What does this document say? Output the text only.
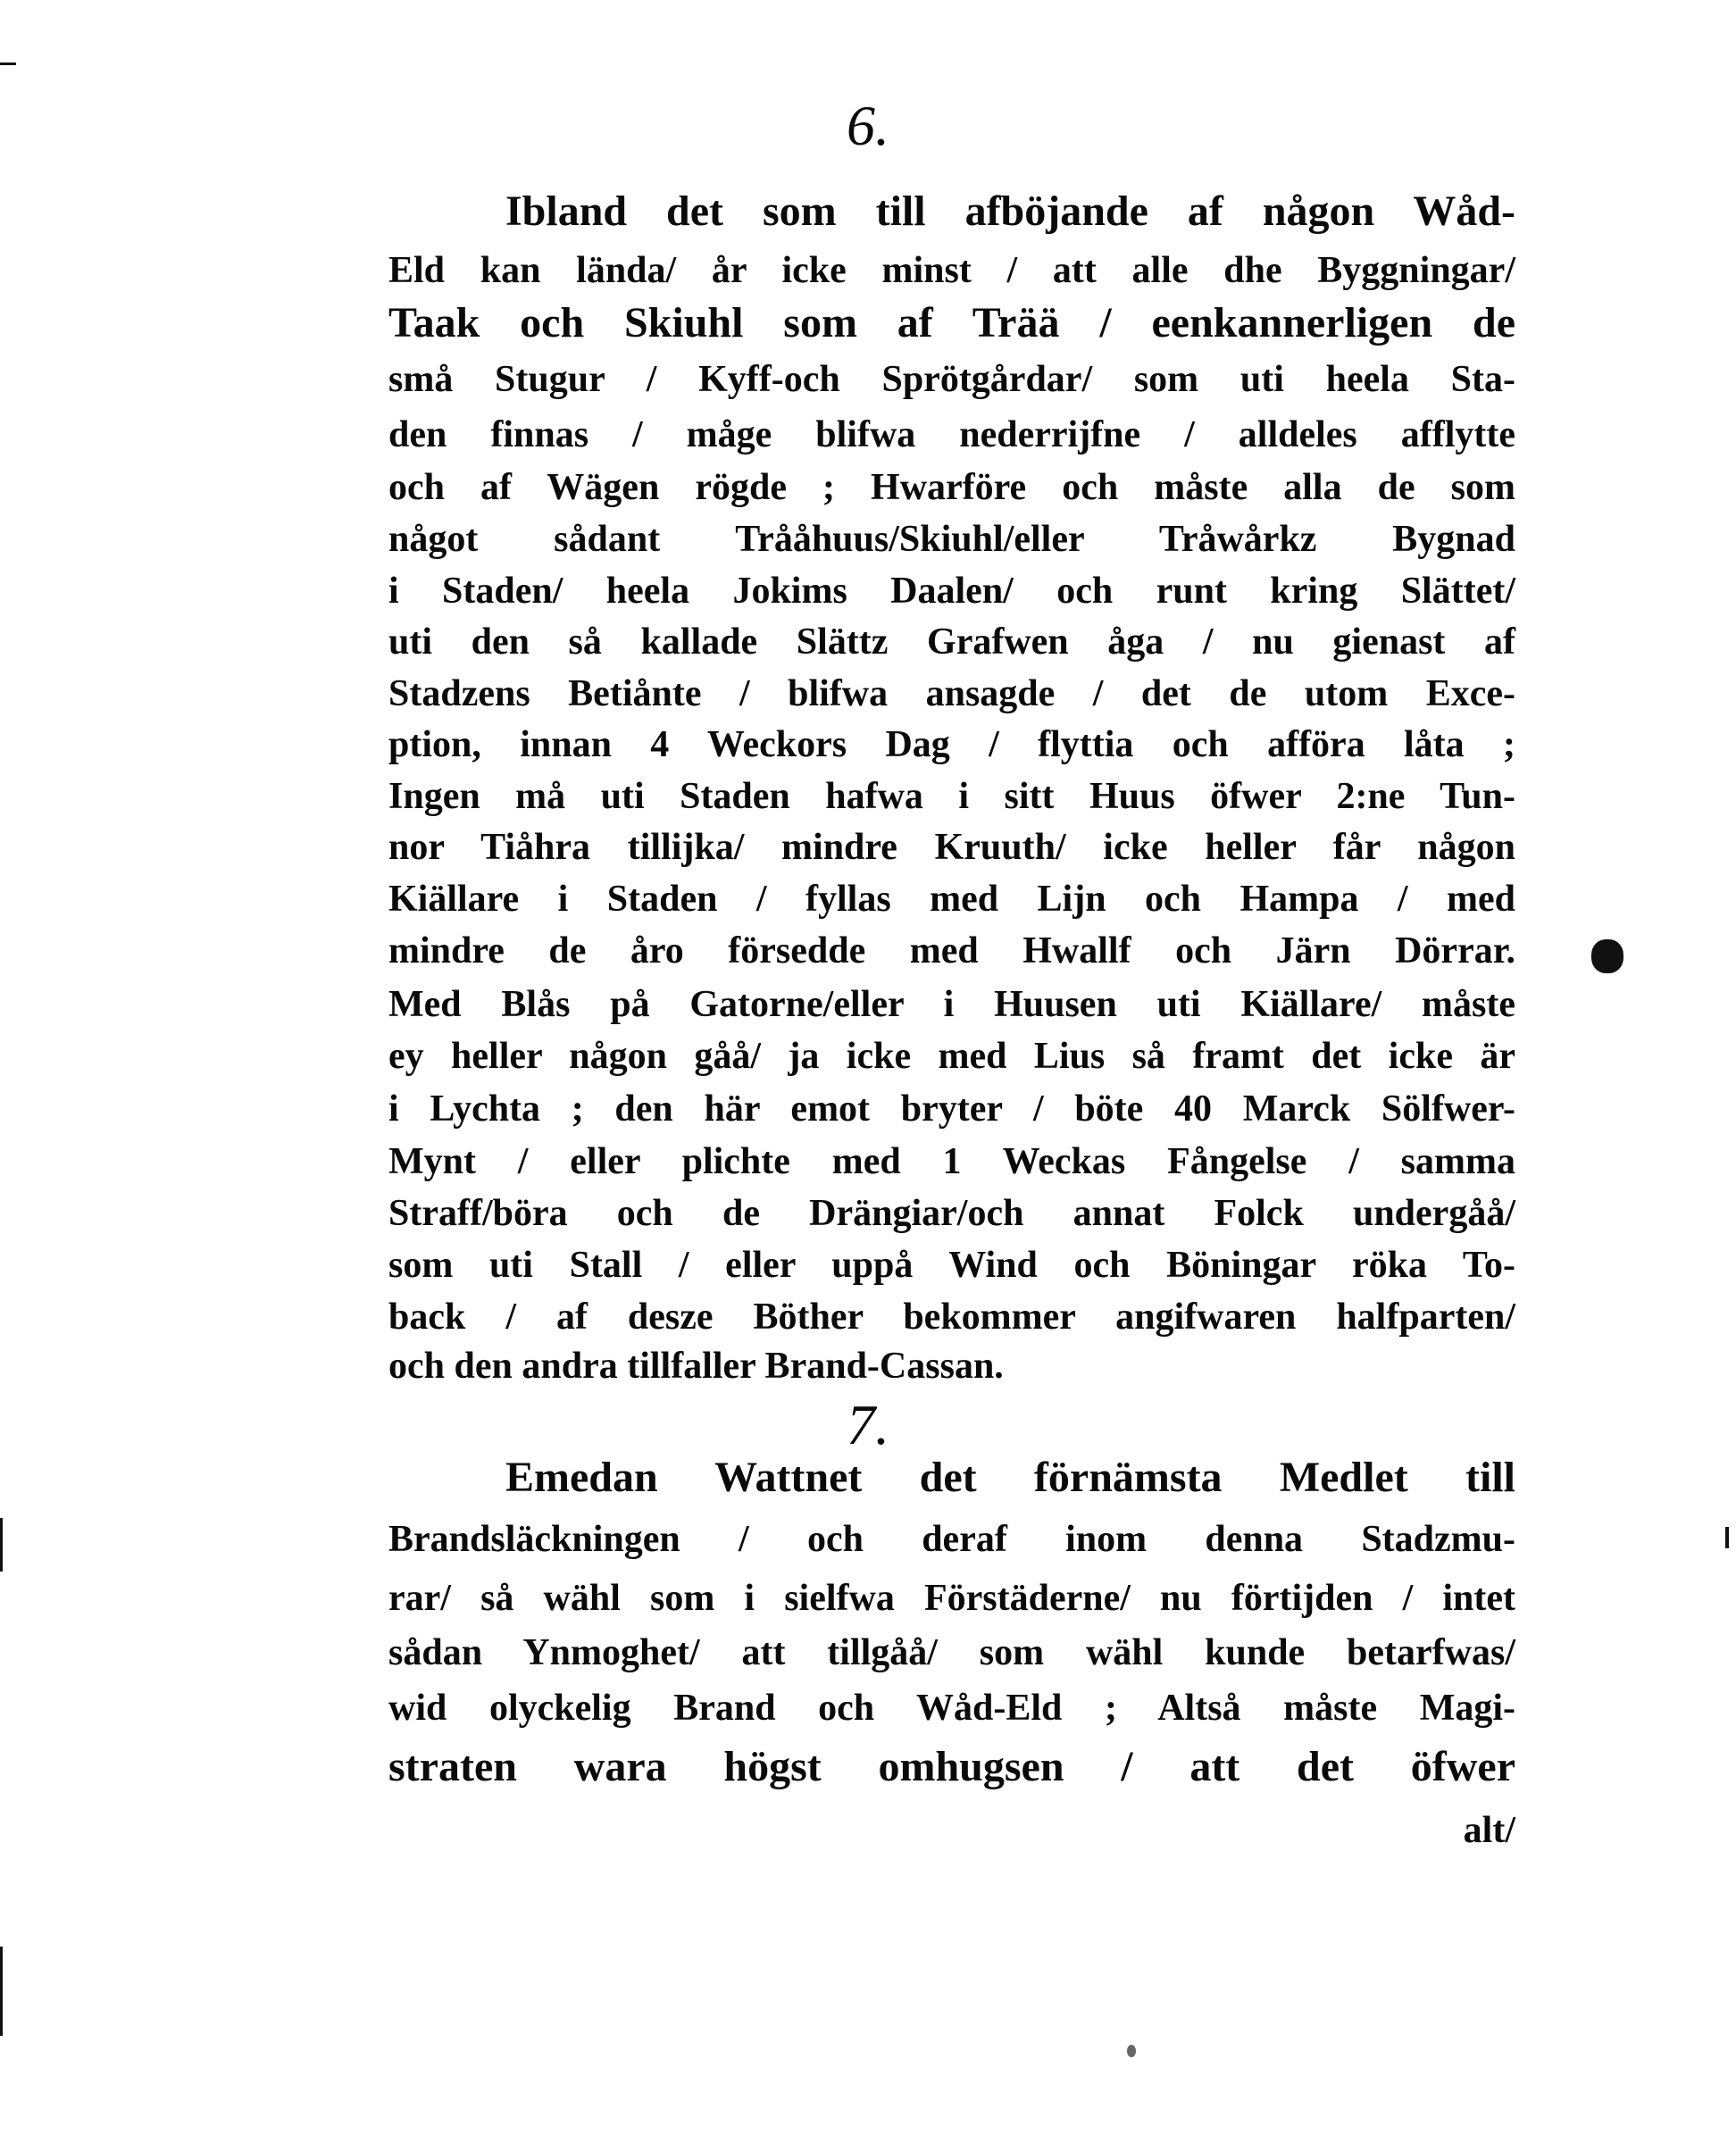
6.
Ibland det som till afböjande af någon Wåd-
Eld kan lända/ år icke minst / att alle dhe Byggningar/
Taak och Skiuhl som af Trää / eenkannerligen de
små Stugur / Kyff-och Sprötgårdar/ som uti heela Sta-
den finnas / måge blifwa nederrijfne / alldeles afflytte
och af Wägen rögde ; Hwarföre och måste alla de som
något sådant Trååhuus/Skiuhl/eller Tråwårkz Bygnad
i Staden/ heela Jokims Daalen/ och runt kring Slättet/
uti den så kallade Slättz Grafwen åga / nu gienast af
Stadzens Betiånte / blifwa ansagde / det de utom Exce-
ption, innan 4 Weckors Dag / flyttia och afföra låta ;
Ingen må uti Staden hafwa i sitt Huus öfwer 2:ne Tun-
nor Tiåhra tillijka/ mindre Kruuth/ icke heller får någon
Kiällare i Staden / fyllas med Lijn och Hampa / med
mindre de åro försedde med Hwallf och Järn Dörrar.
Med Blås på Gatorne/eller i Huusen uti Kiällare/ måste
ey heller någon gåå/ ja icke med Lius så framt det icke är
i Lychta ; den här emot bryter / böte 40 Marck Sölfwer-
Mynt / eller plichte med 1 Weckas Fångelse / samma
Straff/böra och de Drängiar/och annat Folck undergåå/
som uti Stall / eller uppå Wind och Böningar röka To-
back / af desze Böther bekommer angifwaren halfparten/
och den andra tillfaller Brand-Cassan.
7.
Emedan Wattnet det förnämsta Medlet till
Brandsläckningen / och deraf inom denna Stadzmu-
rar/ så wähl som i sielfwa Förstäderne/ nu förtijden / intet
sådan Ynmoghet/ att tillgåå/ som wähl kunde betarfwas/
wid olyckelig Brand och Wåd-Eld ; Altså måste Magi-
straten wara högst omhugsen / att det öfwer
alt/
